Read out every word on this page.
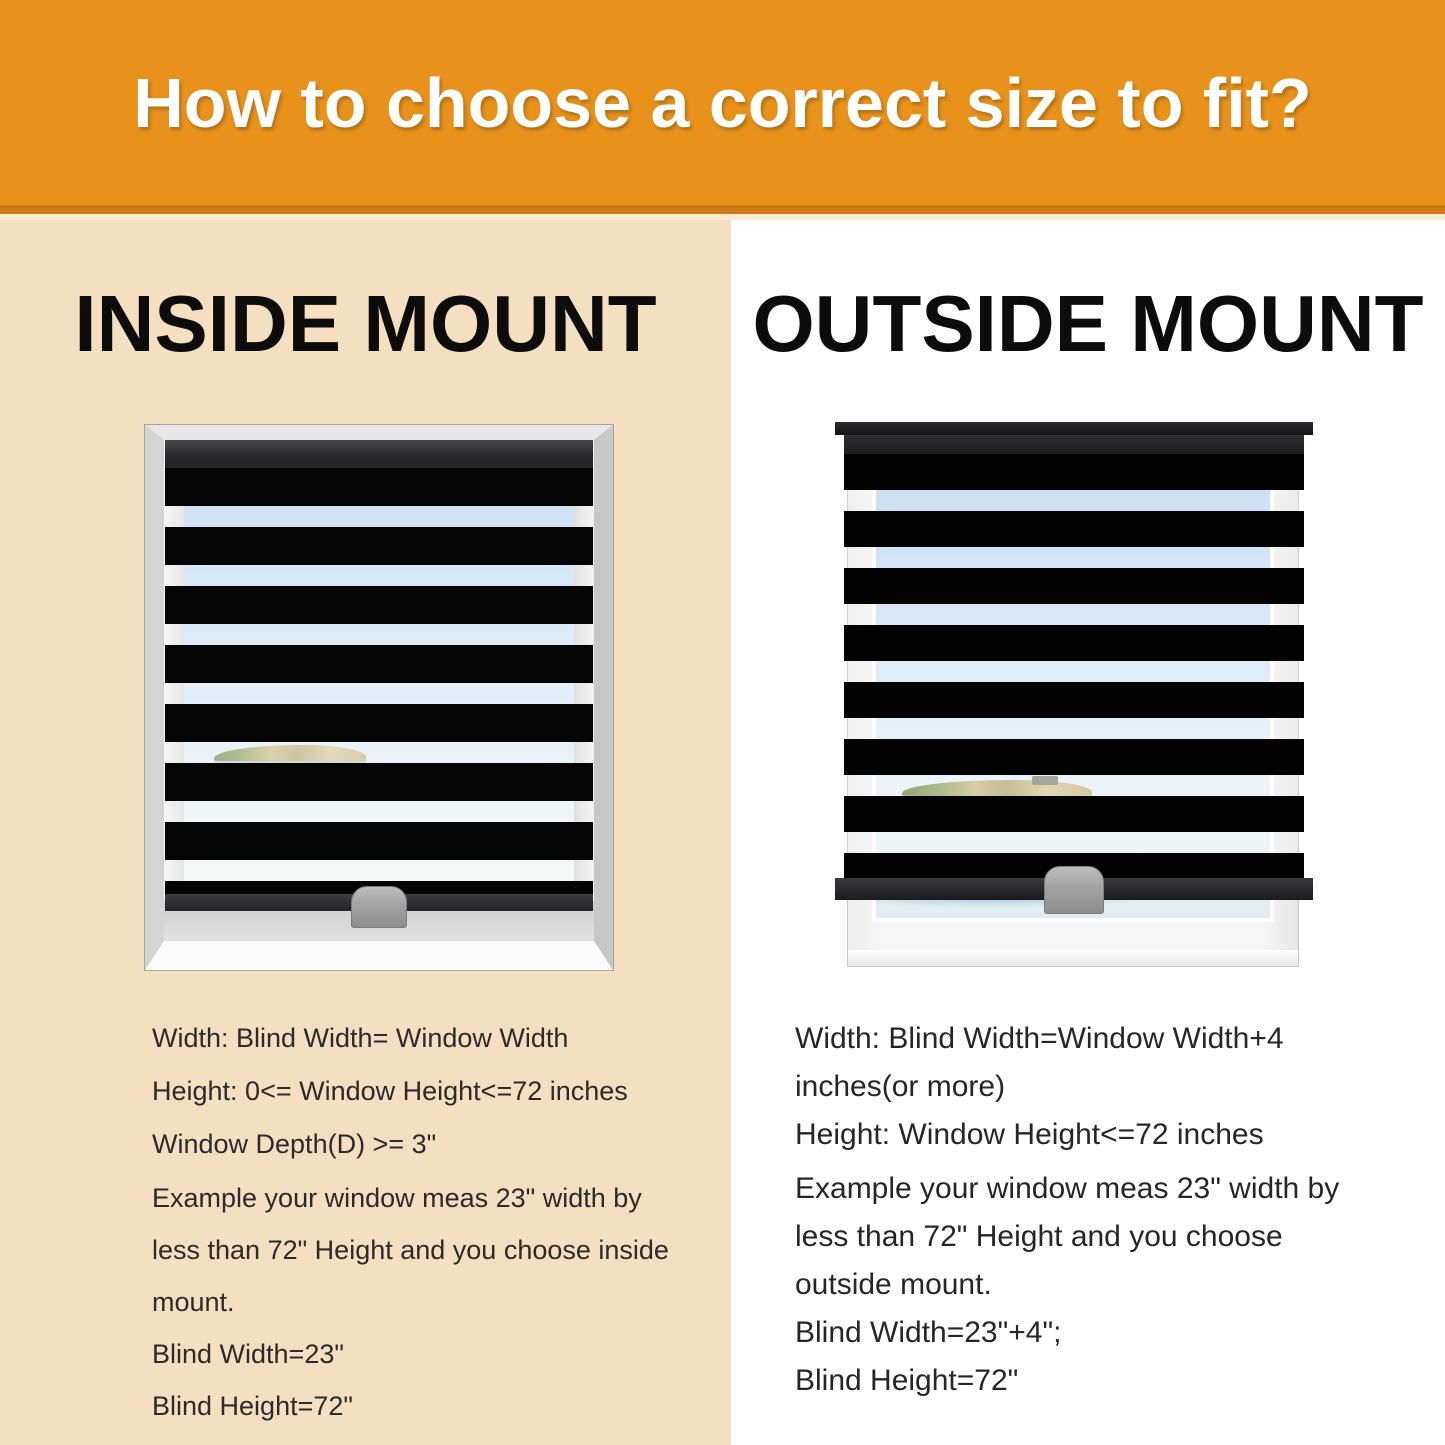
How to choose a correct size to fit?
INSIDE MOUNT
Width: Blind Width= Window Width
Height: 0<= Window Height<=72 inches
Window Depth(D) >= 3"
Example your window meas 23" width by
less than 72" Height and you choose inside
mount.
Blind Width=23"
Blind Height=72"
OUTSIDE MOUNT
Width: Blind Width=Window Width+4
inches(or more)
Height: Window Height<=72 inches
Example your window meas 23" width by
less than 72" Height and you choose
outside mount.
Blind Width=23"+4";
Blind Height=72"
